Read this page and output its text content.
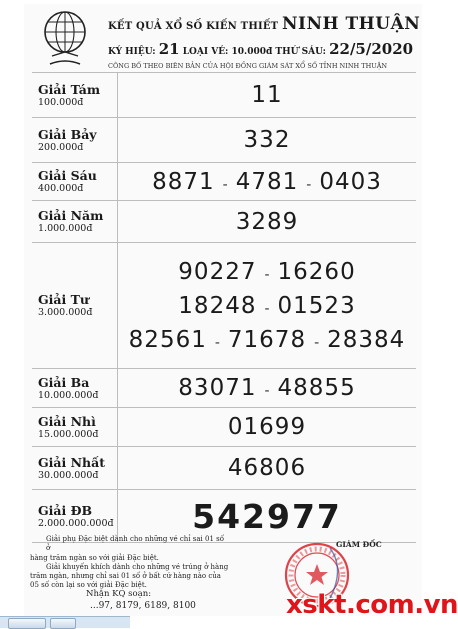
KẾT QUẢ XỔ SỐ KIẾN THIẾT NINH THUẬN
KÝ HIỆU: 21 LOẠI VÉ: 10.000đ THỨ SÁU: 22/5/2020
CÔNG BỐ THEO BIÊN BẢN CỦA HỘI ĐỒNG GIÁM SÁT XỔ SỐ TỈNH NINH THUẬN
Giải Tám
100.000đ	11
Giải Bảy
200.000đ	332
Giải Sáu
400.000đ	8871 - 4781 - 0403
Giải Năm
1.000.000đ	3289
Giải Tư
3.000.000đ
90227 - 16260
18248 - 01523
82561 - 71678 - 28384
Giải Ba
10.000.000đ	83071 - 48855
Giải Nhì
15.000.000đ	01699
Giải Nhất
30.000.000đ	46806
Giải ĐB
2.000.000.000đ 542977
Giải phụ Đặc biệt dành cho những vé chỉ sai 01 số ở
hàng trăm ngàn so với giải Đặc biệt.
Giải khuyến khích dành cho những vé trúng ở hàng
trăm ngàn, nhưng chỉ sai 01 số ở bất cứ hàng nào của
05 số còn lại so với giải Đặc biệt.
Nhận KQ soạn:
...97, 8179, 6189, 8100
GIÁM ĐỐC
xskt.com.vn
